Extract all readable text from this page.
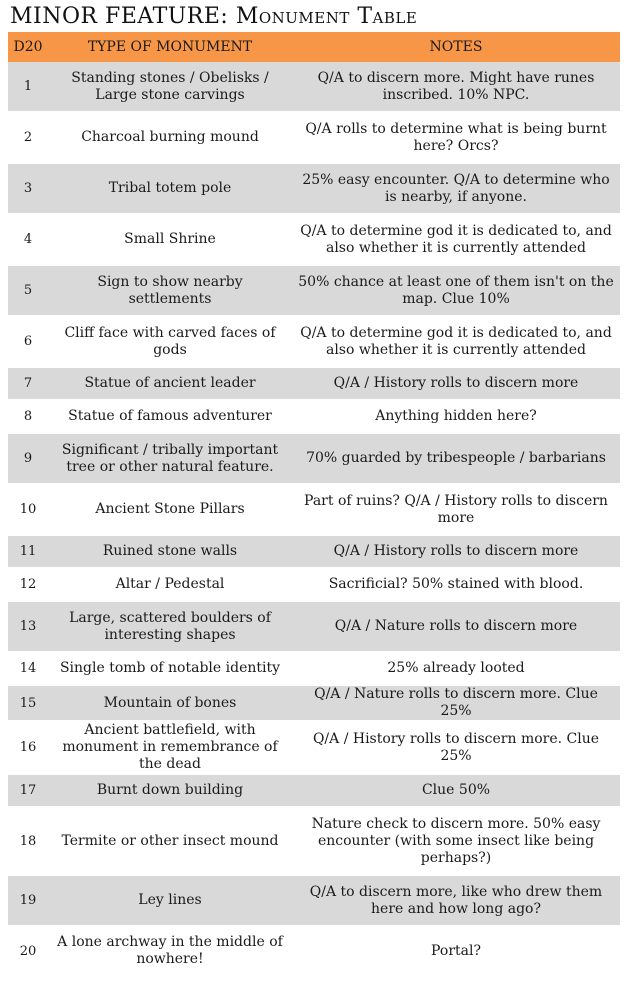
MINOR FEATURE: Monument Table
D20	TYPE OF MONUMENT	NOTES
1	Standing stones / Obelisks / Large stone carvings	Q/A to discern more. Might have runes inscribed. 10% NPC.
2	Charcoal burning mound	Q/A rolls to determine what is being burnt here? Orcs?
3	Tribal totem pole	25% easy encounter. Q/A to determine who is nearby, if anyone.
4	Small Shrine	Q/A to determine god it is dedicated to, and also whether it is currently attended
5	Sign to show nearby settlements	50% chance at least one of them isn't on the map. Clue 10%
6	Cliff face with carved faces of gods	Q/A to determine god it is dedicated to, and also whether it is currently attended
7	Statue of ancient leader	Q/A / History rolls to discern more
8	Statue of famous adventurer	Anything hidden here?
9	Significant / tribally important tree or other natural feature.	70% guarded by tribespeople / barbarians
10	Ancient Stone Pillars	Part of ruins? Q/A / History rolls to discern more
11	Ruined stone walls	Q/A / History rolls to discern more
12	Altar / Pedestal	Sacrificial? 50% stained with blood.
13	Large, scattered boulders of interesting shapes	Q/A / Nature rolls to discern more
14	Single tomb of notable identity	25% already looted
15	Mountain of bones	Q/A / Nature rolls to discern more. Clue 25%
16	Ancient battlefield, with monument in remembrance of the dead	Q/A / History rolls to discern more. Clue 25%
17	Burnt down building	Clue 50%
18	Termite or other insect mound	Nature check to discern more. 50% easy encounter (with some insect like being perhaps?)
19	Ley lines	Q/A to discern more, like who drew them here and how long ago?
20	A lone archway in the middle of nowhere!	Portal?
